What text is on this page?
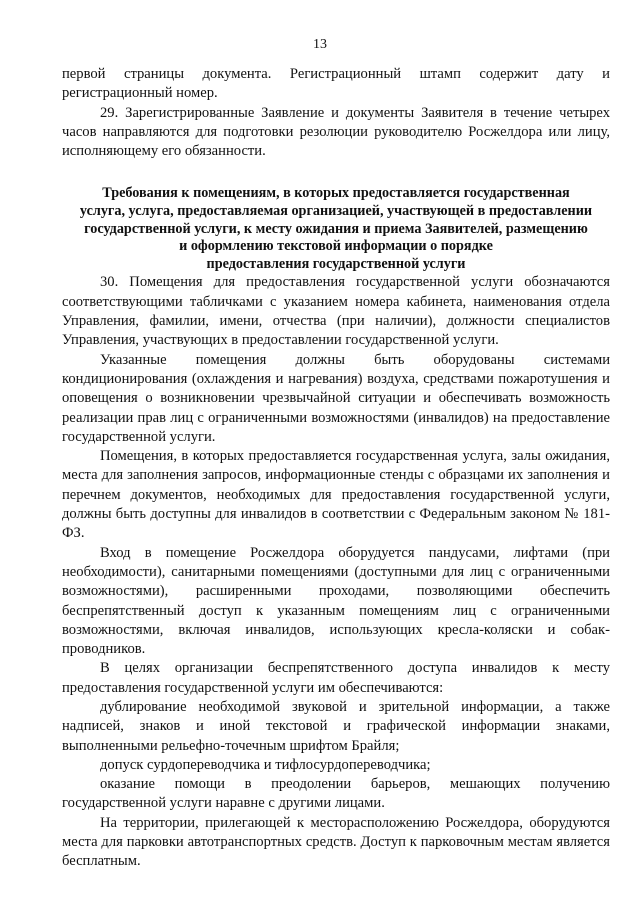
13

первой страницы документа. Регистрационный штамп содержит дату и регистрационный номер.

29. Зарегистрированные Заявление и документы Заявителя в течение четырех часов направляются для подготовки резолюции руководителю Росжелдора или лицу, исполняющему его обязанности.

Требования к помещениям, в которых предоставляется государственная
услуга, услуга, предоставляемая организацией, участвующей в предоставлении
государственной услуги, к месту ожидания и приема Заявителей, размещению
и оформлению текстовой информации о порядке
предоставления государственной услуги

30. Помещения для предоставления государственной услуги обозначаются соответствующими табличками с указанием номера кабинета, наименования отдела Управления, фамилии, имени, отчества (при наличии), должности специалистов Управления, участвующих в предоставлении государственной услуги.

Указанные помещения должны быть оборудованы системами кондиционирования (охлаждения и нагревания) воздуха, средствами пожаротушения и оповещения о возникновении чрезвычайной ситуации и обеспечивать возможность реализации прав лиц с ограниченными возможностями (инвалидов) на предоставление государственной услуги.

Помещения, в которых предоставляется государственная услуга, залы ожидания, места для заполнения запросов, информационные стенды с образцами их заполнения и перечнем документов, необходимых для предоставления государственной услуги, должны быть доступны для инвалидов в соответствии с Федеральным законом № 181-ФЗ.

Вход в помещение Росжелдора оборудуется пандусами, лифтами (при необходимости), санитарными помещениями (доступными для лиц с ограниченными возможностями), расширенными проходами, позволяющими обеспечить беспрепятственный доступ к указанным помещениям лиц с ограниченными возможностями, включая инвалидов, использующих кресла-коляски и собак-проводников.

В целях организации беспрепятственного доступа инвалидов к месту предоставления государственной услуги им обеспечиваются:

дублирование необходимой звуковой и зрительной информации, а также надписей, знаков и иной текстовой и графической информации знаками, выполненными рельефно-точечным шрифтом Брайля;

допуск сурдопереводчика и тифлосурдопереводчика;

оказание помощи в преодолении барьеров, мешающих получению государственной услуги наравне с другими лицами.

На территории, прилегающей к месторасположению Росжелдора, оборудуются места для парковки автотранспортных средств. Доступ к парковочным местам является бесплатным.
